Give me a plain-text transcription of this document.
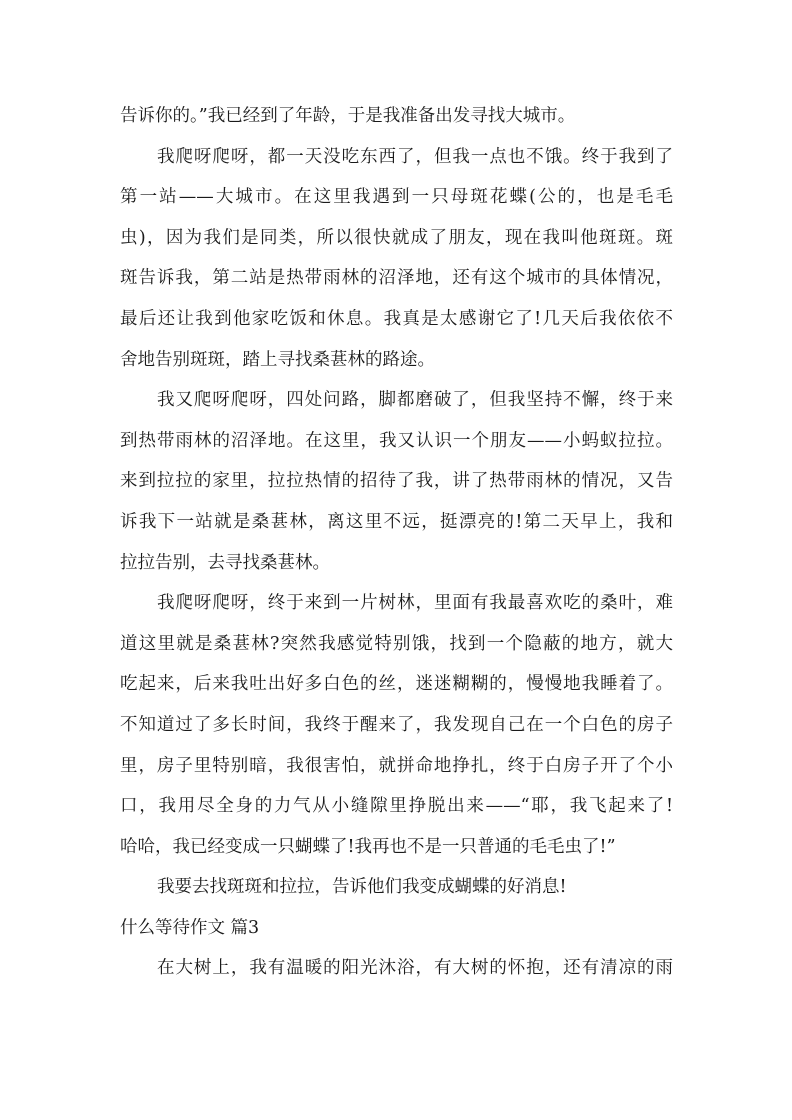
告诉你的。”我已经到了年龄，于是我准备出发寻找大城市。
我爬呀爬呀，都一天没吃东西了，但我一点也不饿。终于我到了
第一站——大城市。在这里我遇到一只母斑花蝶(公的，也是毛毛
虫)，因为我们是同类，所以很快就成了朋友，现在我叫他斑斑。斑
斑告诉我，第二站是热带雨林的沼泽地，还有这个城市的具体情况，
最后还让我到他家吃饭和休息。我真是太感谢它了!几天后我依依不
舍地告别斑斑，踏上寻找桑葚林的路途。
我又爬呀爬呀，四处问路，脚都磨破了，但我坚持不懈，终于来
到热带雨林的沼泽地。在这里，我又认识一个朋友——小蚂蚁拉拉。
来到拉拉的家里，拉拉热情的招待了我，讲了热带雨林的情况，又告
诉我下一站就是桑葚林，离这里不远，挺漂亮的!第二天早上，我和
拉拉告别，去寻找桑葚林。
我爬呀爬呀，终于来到一片树林，里面有我最喜欢吃的桑叶，难
道这里就是桑葚林?突然我感觉特别饿，找到一个隐蔽的地方，就大
吃起来，后来我吐出好多白色的丝，迷迷糊糊的，慢慢地我睡着了。
不知道过了多长时间，我终于醒来了，我发现自己在一个白色的房子
里，房子里特别暗，我很害怕，就拼命地挣扎，终于白房子开了个小
口，我用尽全身的力气从小缝隙里挣脱出来——“耶，我飞起来了!
哈哈，我已经变成一只蝴蝶了!我再也不是一只普通的毛毛虫了!”
我要去找斑斑和拉拉，告诉他们我变成蝴蝶的好消息!
什么等待作文 篇3
在大树上，我有温暖的阳光沐浴，有大树的怀抱，还有清凉的雨
